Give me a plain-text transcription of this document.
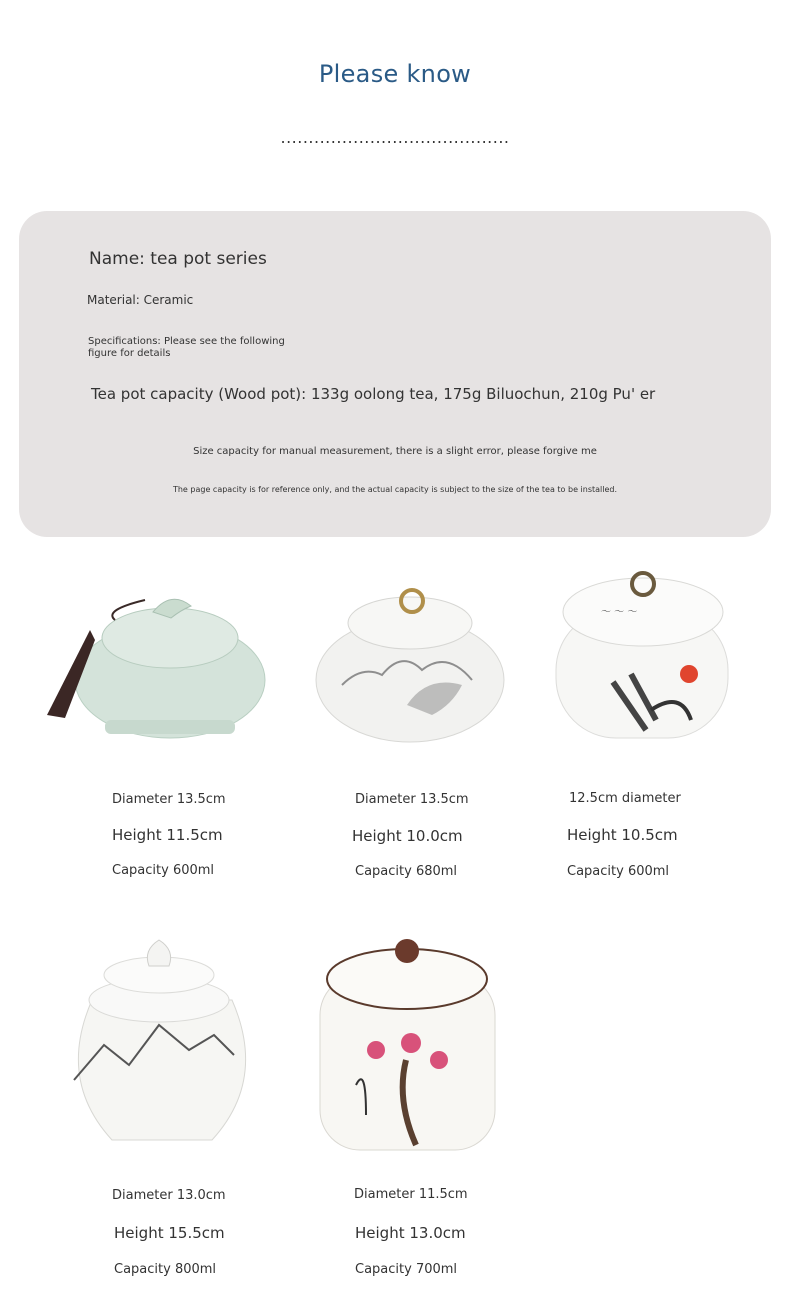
Please know
.........................................
Name: tea pot series
Material: Ceramic
Specifications: Please see the following figure for details
Tea pot capacity (Wood pot): 133g oolong tea, 175g Biluochun, 210g Pu' er
Size capacity for manual measurement, there is a slight error, please forgive me
The page capacity is for reference only, and the actual capacity is subject to the size of the tea to be installed.
Diameter 13.5cm
Height 11.5cm
Capacity 600ml
Diameter 13.5cm
Height 10.0cm
Capacity 680ml
〜 〜 〜
12.5cm diameter
Height 10.5cm
Capacity 600ml
Diameter 13.0cm
Height 15.5cm
Capacity 800ml
Diameter 11.5cm
Height 13.0cm
Capacity 700ml
